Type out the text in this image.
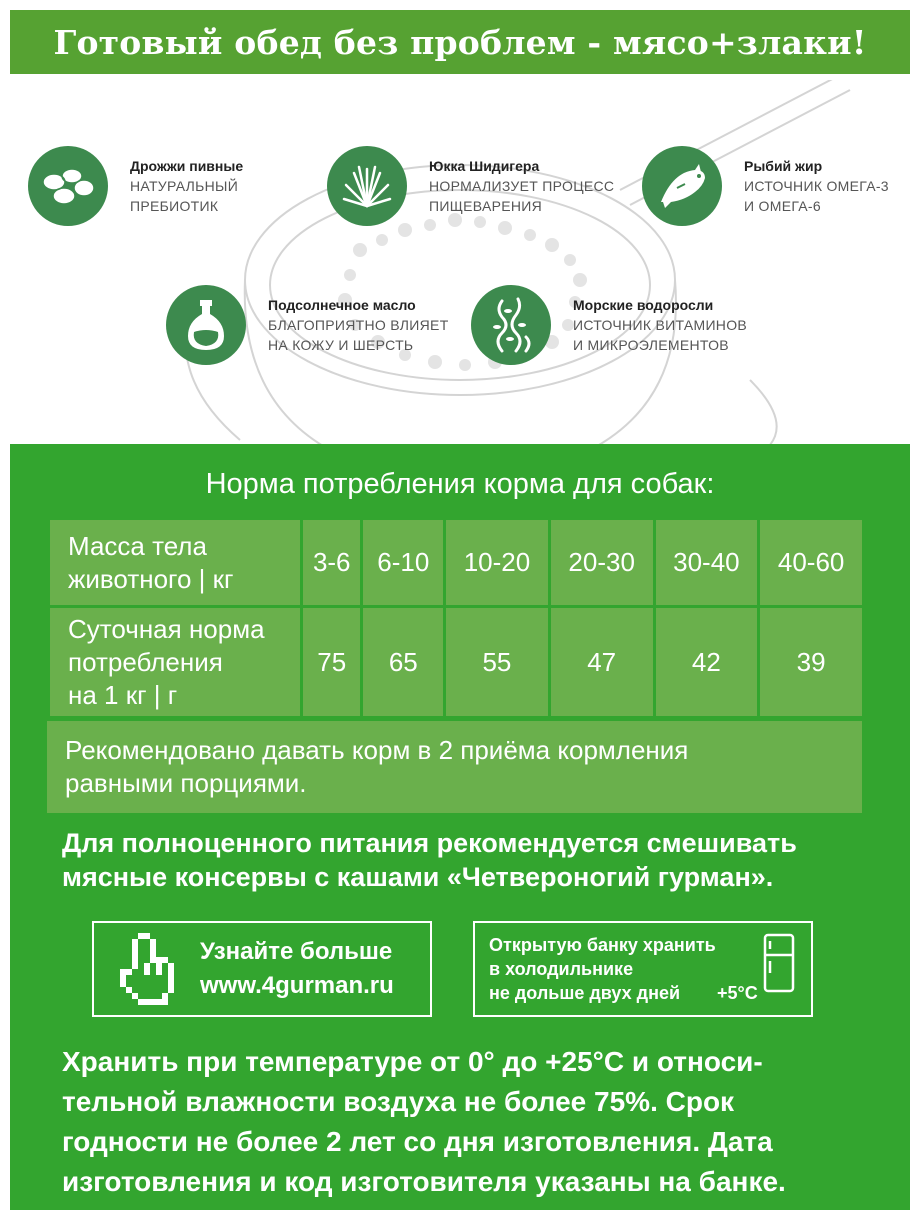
Готовый обед без проблем - мясо+злаки!
Дрожжи пивные
НАТУРАЛЬНЫЙ
ПРЕБИОТИК
Юкка Шидигера
НОРМАЛИЗУЕТ ПРОЦЕСС
ПИЩЕВАРЕНИЯ
Рыбий жир
ИСТОЧНИК ОМЕГА-3
И ОМЕГА-6
Подсолнечное масло
БЛАГОПРИЯТНО ВЛИЯЕТ
НА КОЖУ И ШЕРСТЬ
Морские водоросли
ИСТОЧНИК ВИТАМИНОВ
И МИКРОЭЛЕМЕНТОВ
Норма потребления корма для собак:
Масса тела
животного | кг	3-6	6-10	10-20	20-30	30-40	40-60

Суточная норма
потребления
на 1 кг | г	75	65	55	47	42	39
Рекомендовано давать корм в 2 приёма кормления
равными порциями.
Для полноценного питания рекомендуется смешивать
мясные консервы с кашами «Четвероногий гурман».
Узнайте больше
www.4gurman.ru
Открытую банку хранить
в холодильнике
не дольше двух дней	+5°C
Хранить при температуре от 0° до +25°С и относи-
тельной влажности воздуха не более 75%. Срок
годности не более 2 лет со дня изготовления. Дата
изготовления и код изготовителя указаны на банке.
